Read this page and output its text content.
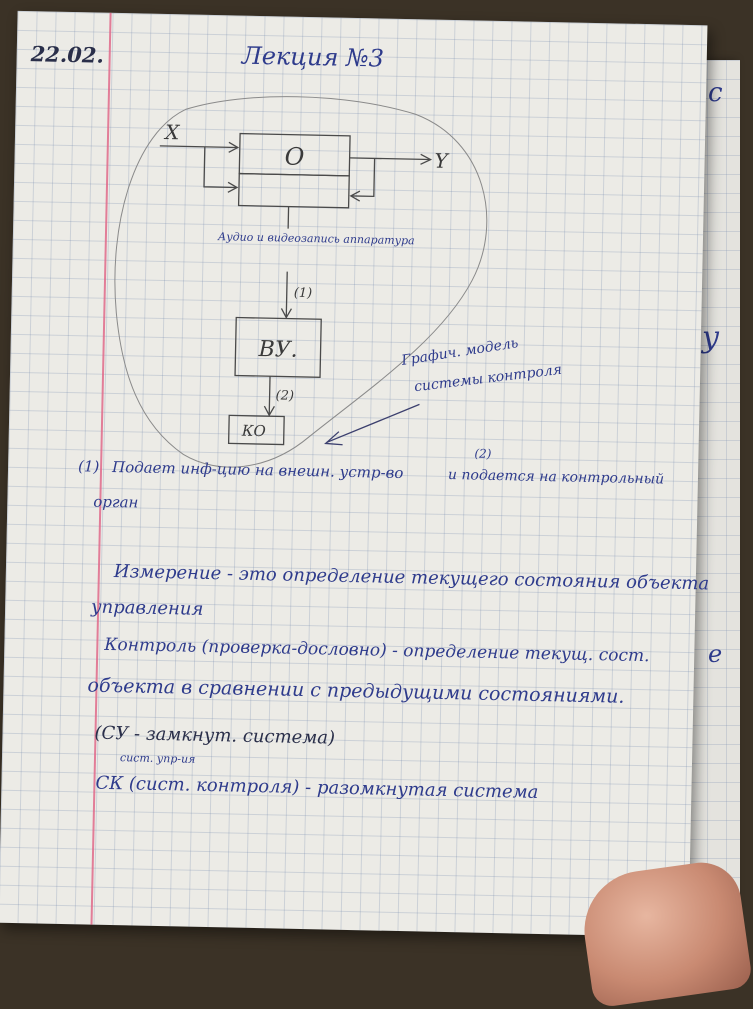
с
у
е
22.02.	Лекция №3
X
Y
O
(1)
ВУ.
(2)
КО
Аудио и видеозапись аппаратура
Графич. модель
системы контроля
(1) Подает инф-цию на внешн. устр-во
(2)
и подается на контрольный
орган
Измерение - это определение текущего состояния объекта
управления
Контроль (проверка-дословно) - определение текущ. сост.
объекта в сравнении с предыдущими состояниями.
(СУ - замкнут. система)
сист. упр-ия
СК (сист. контроля) - разомкнутая система
